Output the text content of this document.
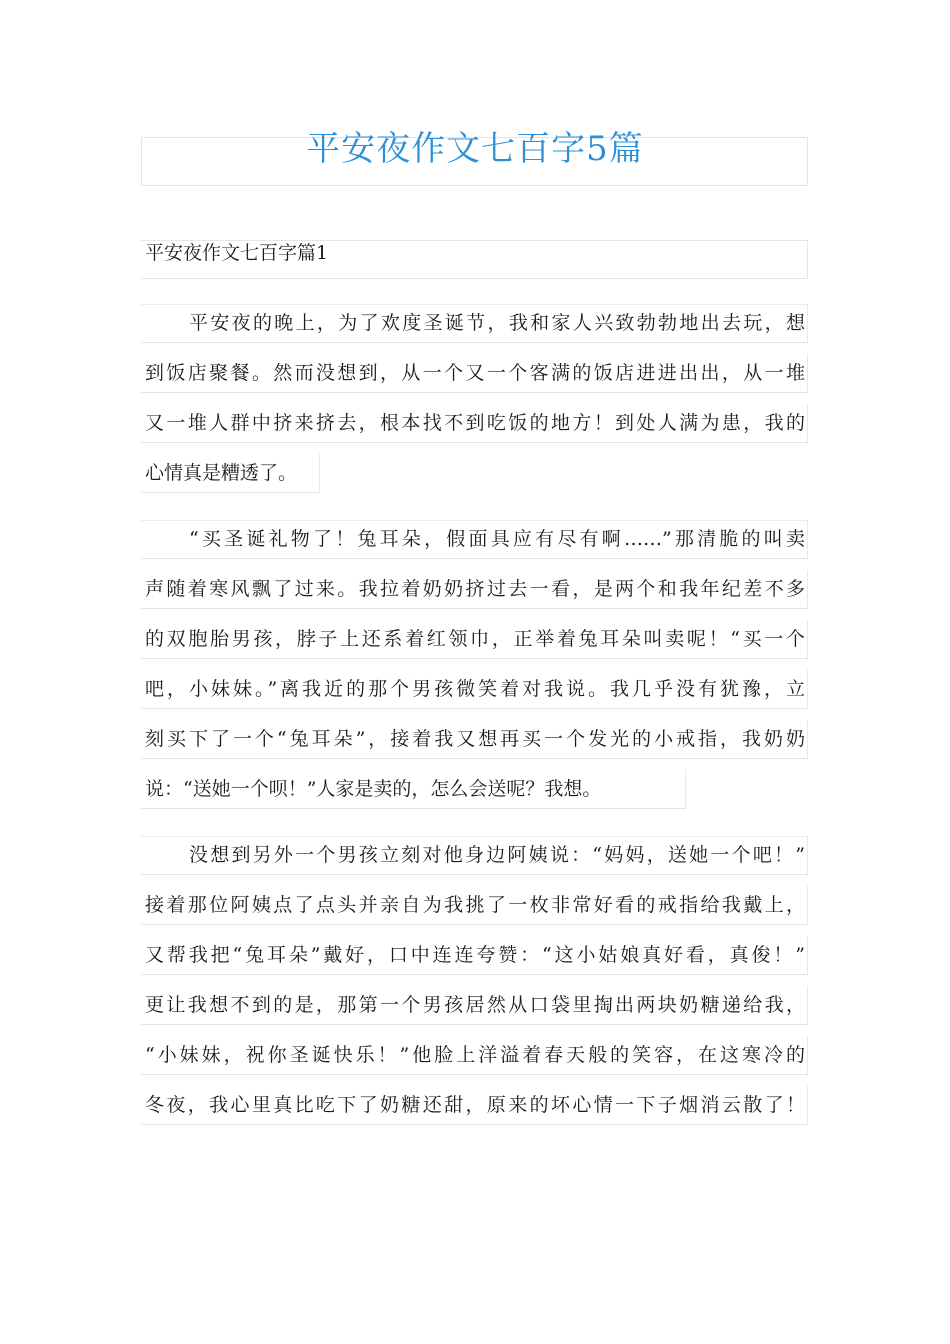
平安夜作文七百字5篇
平安夜作文七百字篇1
平安夜的晚上，为了欢度圣诞节，我和家人兴致勃勃地出去玩，想
到饭店聚餐。然而没想到，从一个又一个客满的饭店进进出出，从一堆
又一堆人群中挤来挤去，根本找不到吃饭的地方！到处人满为患，我的
心情真是糟透了。
“买圣诞礼物了！兔耳朵，假面具应有尽有啊……”那清脆的叫卖
声随着寒风飘了过来。我拉着奶奶挤过去一看，是两个和我年纪差不多
的双胞胎男孩，脖子上还系着红领巾，正举着兔耳朵叫卖呢！“买一个
吧，小妹妹。”离我近的那个男孩微笑着对我说。我几乎没有犹豫，立
刻买下了一个“兔耳朵”，接着我又想再买一个发光的小戒指，我奶奶
说：“送她一个呗！”人家是卖的，怎么会送呢？我想。
没想到另外一个男孩立刻对他身边阿姨说：“妈妈，送她一个吧！”
接着那位阿姨点了点头并亲自为我挑了一枚非常好看的戒指给我戴上，
又帮我把“兔耳朵”戴好，口中连连夸赞：“这小姑娘真好看，真俊！”
更让我想不到的是，那第一个男孩居然从口袋里掏出两块奶糖递给我，
“小妹妹，祝你圣诞快乐！”他脸上洋溢着春天般的笑容，在这寒冷的
冬夜，我心里真比吃下了奶糖还甜，原来的坏心情一下子烟消云散了！
